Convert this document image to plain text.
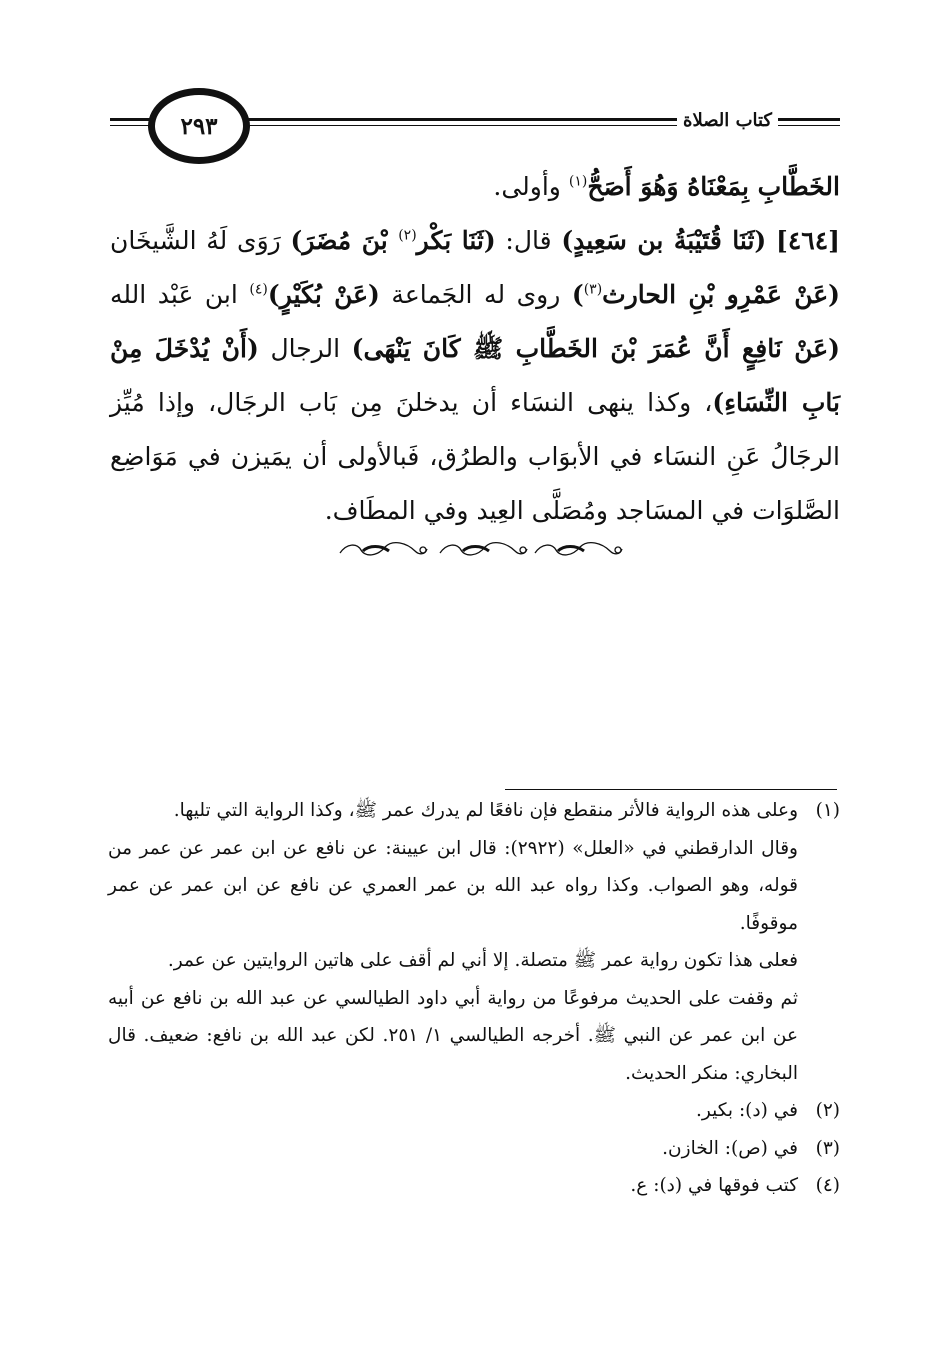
٢٩٣	كتاب الصلاة

الخَطَّابِ بِمَعْنَاهُ وَهُوَ أَصَحُّ$^{(١)}$ وأولى.

[٤٦٤] (ثَنَا قُتَيْبَةُ بن سَعِيدٍ) قال: (ثَنَا بَكْر$^{(٢)}$ بْنَ مُضَرَ) رَوَى لَهُ الشَّيخَان (عَنْ عَمْرِو بْنِ الحارث$^{(٣)}$) روى له الجَماعة (عَنْ بُكَيْرٍ)$^{(٤)}$ ابن عَبْد الله (عَنْ نَافِعٍ أَنَّ عُمَرَ بْنَ الخَطَّابِ ﷺ كَانَ يَنْهَى) الرجال (أَنْ يُدْخَلَ مِنْ بَابِ النِّسَاءِ)، وكذا ينهى النسَاء أن يدخلنَ مِن بَاب الرجَال، وإذا مُيِّز الرجَالُ عَنِ النسَاء في الأبوَاب والطرُق، فَبالأولى أن يمَيزن في مَوَاضِع الصَّلوَات في المسَاجد ومُصَلَّى العِيد وفي المطَاف.

(١)

وعلى هذه الرواية فالأثر منقطع فإن نافعًا لم يدرك عمر ﷺ، وكذا الرواية التي تليها.

وقال الدارقطني في «العلل» (٢٩٢٢): قال ابن عيينة: عن نافع عن ابن عمر عن عمر من قوله، وهو الصواب. وكذا رواه عبد الله بن عمر العمري عن نافع عن ابن عمر عن عمر موقوفًا.

فعلى هذا تكون رواية عمر ﷺ متصلة. إلا أني لم أقف على هاتين الروايتين عن عمر.

ثم وقفت على الحديث مرفوعًا من رواية أبي داود الطيالسي عن عبد الله بن نافع عن أبيه عن ابن عمر عن النبي ﷺ. أخرجه الطيالسي ١/ ٢٥١. لكن عبد الله بن نافع: ضعيف. قال البخاري: منكر الحديث.

(٢)

في (د): بكير.

(٣)

في (ص): الخازن.

(٤)

كتب فوقها في (د): ع.
